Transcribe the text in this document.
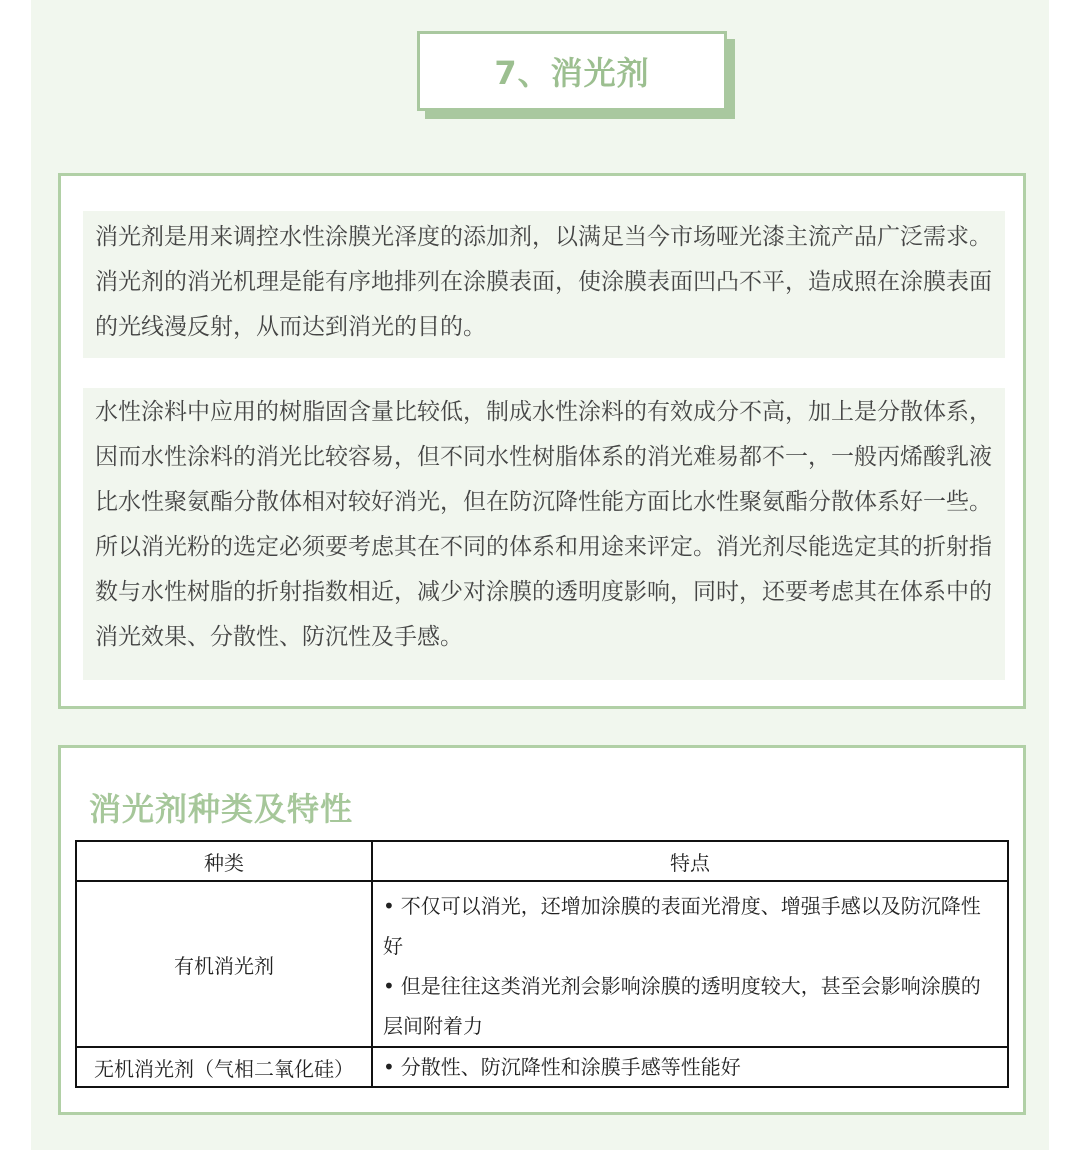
7、消光剂
消光剂是用来调控水性涂膜光泽度的添加剂，以满足当今市场哑光漆主流产品广泛需求。消光剂的消光机理是能有序地排列在涂膜表面，使涂膜表面凹凸不平，造成照在涂膜表面的光线漫反射，从而达到消光的目的。
水性涂料中应用的树脂固含量比较低，制成水性涂料的有效成分不高，加上是分散体系，因而水性涂料的消光比较容易，但不同水性树脂体系的消光难易都不一，一般丙烯酸乳液比水性聚氨酯分散体相对较好消光，但在防沉降性能方面比水性聚氨酯分散体系好一些。所以消光粉的选定必须要考虑其在不同的体系和用途来评定。消光剂尽能选定其的折射指数与水性树脂的折射指数相近，减少对涂膜的透明度影响，同时，还要考虑其在体系中的消光效果、分散性、防沉性及手感。
消光剂种类及特性
种类	特点
有机消光剂	• 不仅可以消光，还增加涂膜的表面光滑度、增强手感以及防沉降性好
• 但是往往这类消光剂会影响涂膜的透明度较大，甚至会影响涂膜的层间附着力

无机消光剂（气相二氧化硅）	• 分散性、防沉降性和涂膜手感等性能好
